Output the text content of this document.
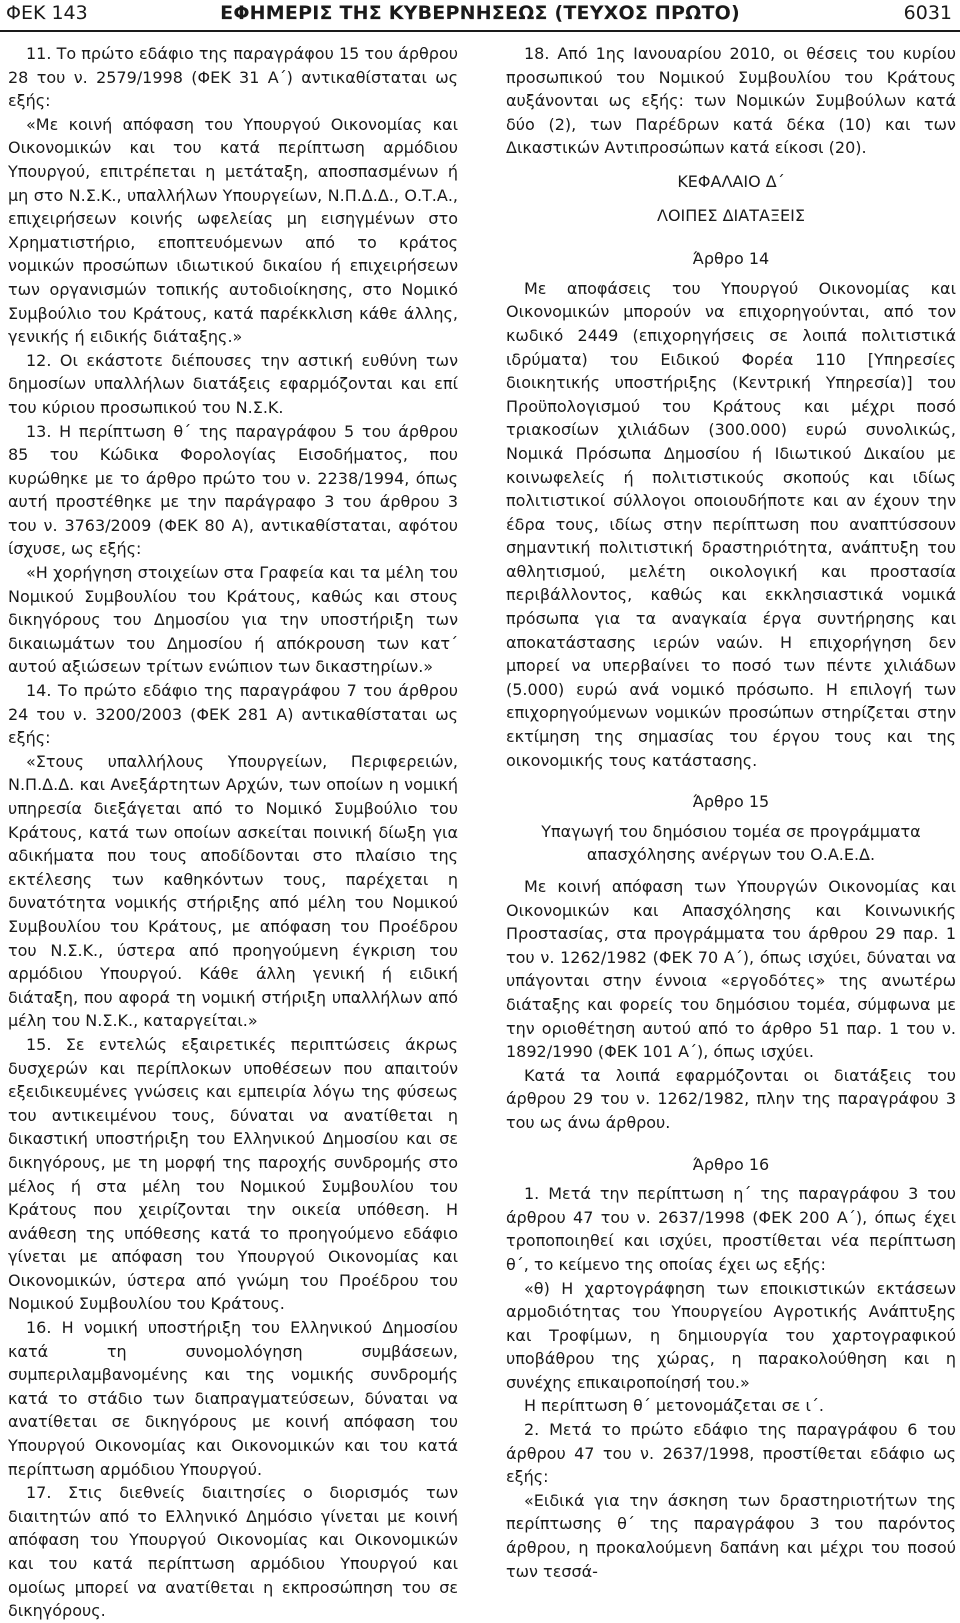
ΦΕΚ 143	ΕΦΗΜΕΡΙΣ ΤΗΣ ΚΥΒΕΡΝΗΣΕΩΣ (ΤΕΥΧΟΣ ΠΡΩΤΟ)	6031

11. Το πρώτο εδάφιο της παραγράφου 15 του άρθρου 28 του ν. 2579/1998 (ΦΕΚ 31 Α΄) αντικαθίσταται ως εξής:

«Με κοινή απόφαση του Υπουργού Οικονομίας και Οικονομικών και του κατά περίπτωση αρμόδιου Υπουργού, επιτρέπεται η μετάταξη, αποσπασμένων ή μη στο Ν.Σ.Κ., υπαλλήλων Υπουργείων, Ν.Π.Δ.Δ., Ο.Τ.Α., επιχειρήσεων κοινής ωφελείας μη εισηγμένων στο Χρηματιστήριο, εποπτευόμενων από το κράτος νομικών προσώπων ιδιωτικού δικαίου ή επιχειρήσεων των οργανισμών τοπικής αυτοδιοίκησης, στο Νομικό Συμβούλιο του Κράτους, κατά παρέκκλιση κάθε άλλης, γενικής ή ειδικής διάταξης.»

12. Οι εκάστοτε διέπουσες την αστική ευθύνη των δημοσίων υπαλλήλων διατάξεις εφαρμόζονται και επί του κύριου προσωπικού του Ν.Σ.Κ.

13. Η περίπτωση θ΄ της παραγράφου 5 του άρθρου 85 του Κώδικα Φορολογίας Εισοδήματος, που κυρώθηκε με το άρθρο πρώτο του ν. 2238/1994, όπως αυτή προστέθηκε με την παράγραφο 3 του άρθρου 3 του ν. 3763/2009 (ΦΕΚ 80 Α), αντικαθίσταται, αφότου ίσχυσε, ως εξής:

«Η χορήγηση στοιχείων στα Γραφεία και τα μέλη του Νομικού Συμβουλίου του Κράτους, καθώς και στους δικηγόρους του Δημοσίου για την υποστήριξη των δικαιωμάτων του Δημοσίου ή απόκρουση των κατ΄ αυτού αξιώσεων τρίτων ενώπιον των δικαστηρίων.»

14. Το πρώτο εδάφιο της παραγράφου 7 του άρθρου 24 του ν. 3200/2003 (ΦΕΚ 281 Α) αντικαθίσταται ως εξής:

«Στους υπαλλήλους Υπουργείων, Περιφερειών, Ν.Π.Δ.Δ. και Ανεξάρτητων Αρχών, των οποίων η νομική υπηρεσία διεξάγεται από το Νομικό Συμβούλιο του Κράτους, κατά των οποίων ασκείται ποινική δίωξη για αδικήματα που τους αποδίδονται στο πλαίσιο της εκτέλεσης των καθηκόντων τους, παρέχεται η δυνατότητα νομικής στήριξης από μέλη του Νομικού Συμβουλίου του Κράτους, με απόφαση του Προέδρου του Ν.Σ.Κ., ύστερα από προηγούμενη έγκριση του αρμόδιου Υπουργού. Κάθε άλλη γενική ή ειδική διάταξη, που αφορά τη νομική στήριξη υπαλλήλων από μέλη του Ν.Σ.Κ., καταργείται.»

15. Σε εντελώς εξαιρετικές περιπτώσεις άκρως δυσχερών και περίπλοκων υποθέσεων που απαιτούν εξειδικευμένες γνώσεις και εμπειρία λόγω της φύσεως του αντικειμένου τους, δύναται να ανατίθεται η δικαστική υποστήριξη του Ελληνικού Δημοσίου και σε δικηγόρους, με τη μορφή της παροχής συνδρομής στο μέλος ή στα μέλη του Νομικού Συμβουλίου του Κράτους που χειρίζονται την οικεία υπόθεση. Η ανάθεση της υπόθεσης κατά το προηγούμενο εδάφιο γίνεται με απόφαση του Υπουργού Οικονομίας και Οικονομικών, ύστερα από γνώμη του Προέδρου του Νομικού Συμβουλίου του Κράτους.

16. Η νομική υποστήριξη του Ελληνικού Δημοσίου κατά τη συνομολόγηση συμβάσεων, συμπεριλαμβανομένης και της νομικής συνδρομής κατά το στάδιο των διαπραγματεύσεων, δύναται να ανατίθεται σε δικηγόρους με κοινή απόφαση του Υπουργού Οικονομίας και Οικονομικών και του κατά περίπτωση αρμόδιου Υπουργού.

17. Στις διεθνείς διαιτησίες ο διορισμός των διαιτητών από το Ελληνικό Δημόσιο γίνεται με κοινή απόφαση του Υπουργού Οικονομίας και Οικονομικών και του κατά περίπτωση αρμόδιου Υπουργού και ομοίως μπορεί να ανατίθεται η εκπροσώπηση του σε δικηγόρους.

18. Από 1ης Ιανουαρίου 2010, οι θέσεις του κυρίου προσωπικού του Νομικού Συμβουλίου του Κράτους αυξάνονται ως εξής: των Νομικών Συμβούλων κατά δύο (2), των Παρέδρων κατά δέκα (10) και των Δικαστικών Αντιπροσώπων κατά είκοσι (20).

ΚΕΦΑΛΑΙΟ Δ΄

ΛΟΙΠΕΣ ΔΙΑΤΑΞΕΙΣ

Άρθρο 14

Με αποφάσεις του Υπουργού Οικονομίας και Οικονομικών μπορούν να επιχορηγούνται, από τον κωδικό 2449 (επιχορηγήσεις σε λοιπά πολιτιστικά ιδρύματα) του Ειδικού Φορέα 110 [Υπηρεσίες διοικητικής υποστήριξης (Κεντρική Υπηρεσία)] του Προϋπολογισμού του Κράτους και μέχρι ποσό τριακοσίων χιλιάδων (300.000) ευρώ συνολικώς, Νομικά Πρόσωπα Δημοσίου ή Ιδιωτικού Δικαίου με κοινωφελείς ή πολιτιστικούς σκοπούς και ιδίως πολιτιστικοί σύλλογοι οποιουδήποτε και αν έχουν την έδρα τους, ιδίως στην περίπτωση που αναπτύσσουν σημαντική πολιτιστική δραστηριότητα, ανάπτυξη του αθλητισμού, μελέτη οικολογική και προστασία περιβάλλοντος, καθώς και εκκλησιαστικά νομικά πρόσωπα για τα αναγκαία έργα συντήρησης και αποκατάστασης ιερών ναών. Η επιχορήγηση δεν μπορεί να υπερβαίνει το ποσό των πέντε χιλιάδων (5.000) ευρώ ανά νομικό πρόσωπο. Η επιλογή των επιχορηγούμενων νομικών προσώπων στηρίζεται στην εκτίμηση της σημασίας του έργου τους και της οικονομικής τους κατάστασης.

Άρθρο 15

Υπαγωγή του δημόσιου τομέα σε προγράμματα απασχόλησης ανέργων του Ο.Α.Ε.Δ.

Με κοινή απόφαση των Υπουργών Οικονομίας και Οικονομικών και Απασχόλησης και Κοινωνικής Προστασίας, στα προγράμματα του άρθρου 29 παρ. 1 του ν. 1262/1982 (ΦΕΚ 70 Α΄), όπως ισχύει, δύναται να υπάγονται στην έννοια «εργοδότες» της ανωτέρω διάταξης και φορείς του δημόσιου τομέα, σύμφωνα με την οριοθέτηση αυτού από το άρθρο 51 παρ. 1 του ν. 1892/1990 (ΦΕΚ 101 Α΄), όπως ισχύει.

Κατά τα λοιπά εφαρμόζονται οι διατάξεις του άρθρου 29 του ν. 1262/1982, πλην της παραγράφου 3 του ως άνω άρθρου.

Άρθρο 16

1. Μετά την περίπτωση η΄ της παραγράφου 3 του άρθρου 47 του ν. 2637/1998 (ΦΕΚ 200 Α΄), όπως έχει τροποποιηθεί και ισχύει, προστίθεται νέα περίπτωση θ΄, το κείμενο της οποίας έχει ως εξής:

«θ) Η χαρτογράφηση των εποικιστικών εκτάσεων αρμοδιότητας του Υπουργείου Αγροτικής Ανάπτυξης και Τροφίμων, η δημιουργία του χαρτογραφικού υποβάθρου της χώρας, η παρακολούθηση και η συνέχης επικαιροποίησή του.»

Η περίπτωση θ΄ μετονομάζεται σε ι΄.

2. Μετά το πρώτο εδάφιο της παραγράφου 6 του άρθρου 47 του ν. 2637/1998, προστίθεται εδάφιο ως εξής:

«Ειδικά για την άσκηση των δραστηριοτήτων της περίπτωσης θ΄ της παραγράφου 3 του παρόντος άρθρου, η προκαλούμενη δαπάνη και μέχρι του ποσού των τεσσά-
